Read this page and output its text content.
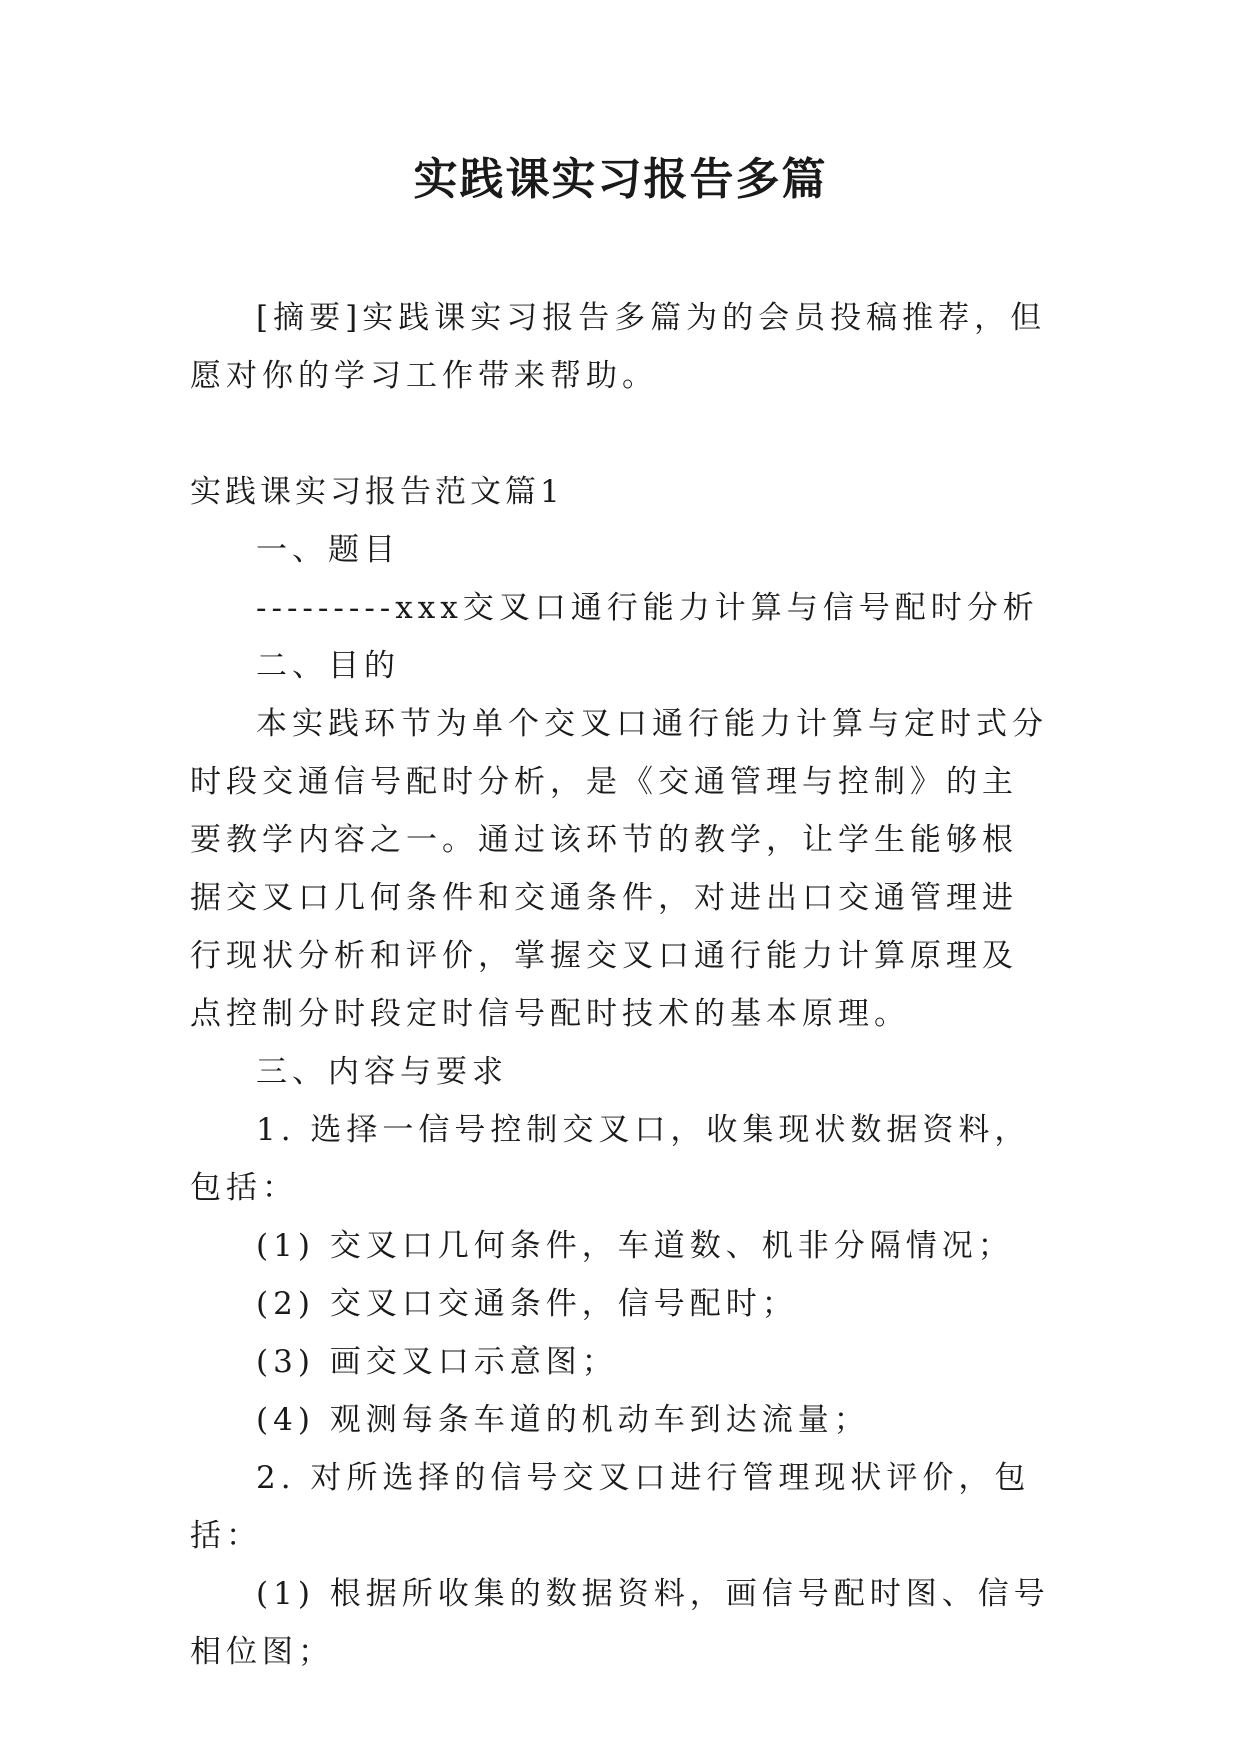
实践课实习报告多篇
[摘要]实践课实习报告多篇为的会员投稿推荐，但愿对你的学习工作带来帮助。
实践课实习报告范文篇1

一、题目

---------xxx交叉口通行能力计算与信号配时分析

二、目的

本实践环节为单个交叉口通行能力计算与定时式分时段交通信号配时分析，是《交通管理与控制》的主要教学内容之一。通过该环节的教学，让学生能够根据交叉口几何条件和交通条件，对进出口交通管理进行现状分析和评价，掌握交叉口通行能力计算原理及点控制分时段定时信号配时技术的基本原理。

三、内容与要求

1. 选择一信号控制交叉口，收集现状数据资料，包括：

(1) 交叉口几何条件，车道数、机非分隔情况；

(2) 交叉口交通条件，信号配时；

(3) 画交叉口示意图；

(4) 观测每条车道的机动车到达流量；

2. 对所选择的信号交叉口进行管理现状评价，包括：

(1) 根据所收集的数据资料，画信号配时图、信号相位图；
